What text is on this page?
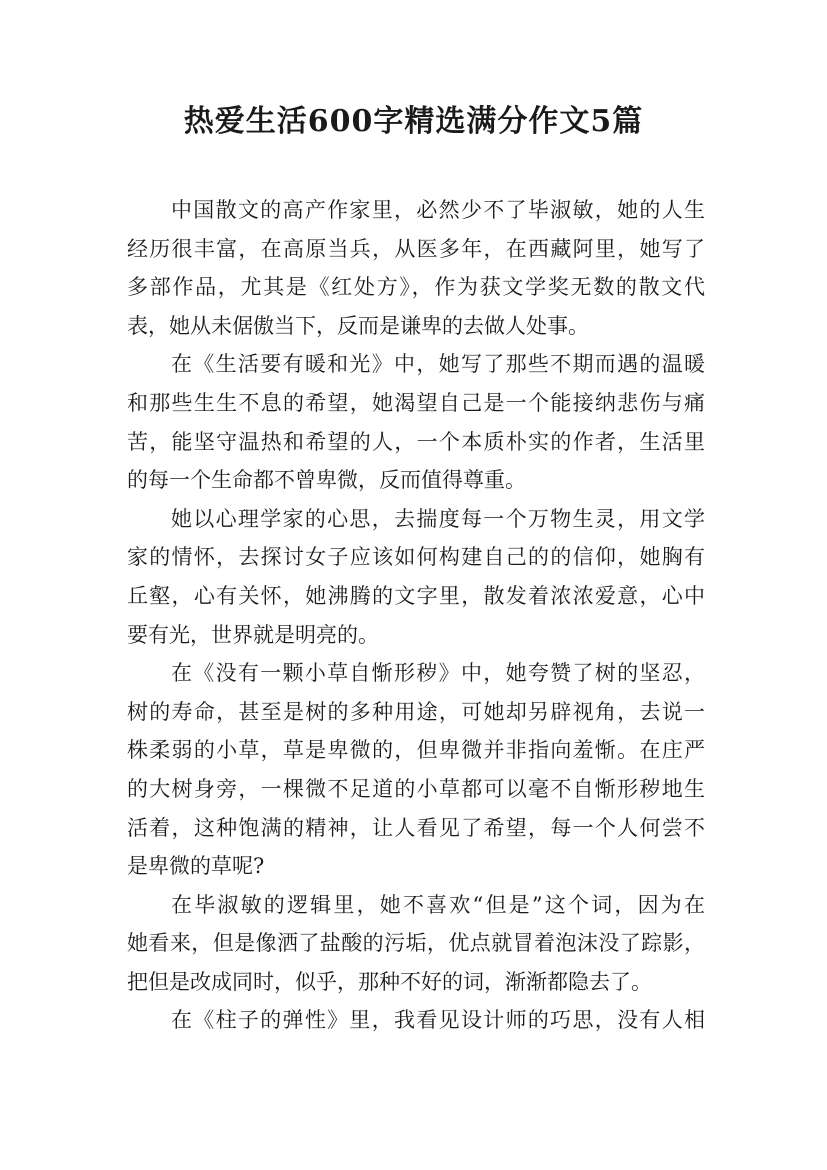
热爱生活600字精选满分作文5篇
中国散文的高产作家里，必然少不了毕淑敏，她的人生
经历很丰富，在高原当兵，从医多年，在西藏阿里，她写了
多部作品，尤其是《红处方》，作为获文学奖无数的散文代
表，她从未倨傲当下，反而是谦卑的去做人处事。
在《生活要有暖和光》中，她写了那些不期而遇的温暖
和那些生生不息的希望，她渴望自己是一个能接纳悲伤与痛
苦，能坚守温热和希望的人，一个本质朴实的作者，生活里
的每一个生命都不曾卑微，反而值得尊重。
她以心理学家的心思，去揣度每一个万物生灵，用文学
家的情怀，去探讨女子应该如何构建自己的的信仰，她胸有
丘壑，心有关怀，她沸腾的文字里，散发着浓浓爱意，心中
要有光，世界就是明亮的。
在《没有一颗小草自惭形秽》中，她夸赞了树的坚忍，
树的寿命，甚至是树的多种用途，可她却另辟视角，去说一
株柔弱的小草，草是卑微的，但卑微并非指向羞惭。在庄严
的大树身旁，一棵微不足道的小草都可以毫不自惭形秽地生
活着，这种饱满的精神，让人看见了希望，每一个人何尝不
是卑微的草呢?
在毕淑敏的逻辑里，她不喜欢“但是”这个词，因为在
她看来，但是像洒了盐酸的污垢，优点就冒着泡沫没了踪影，
把但是改成同时，似乎，那种不好的词，渐渐都隐去了。
在《柱子的弹性》里，我看见设计师的巧思，没有人相
